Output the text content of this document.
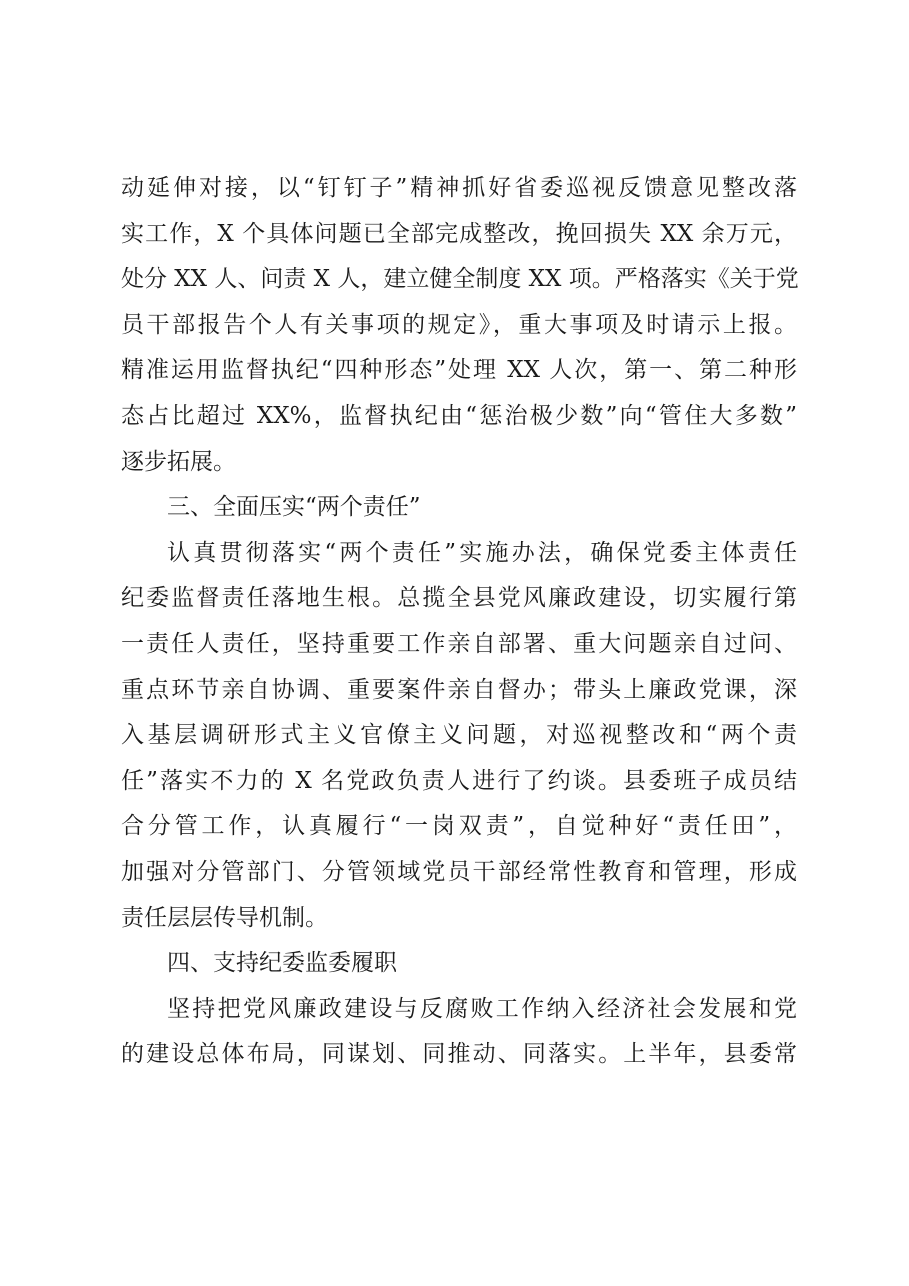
动延伸对接，以“钉钉子”精神抓好省委巡视反馈意见整改落
实工作，X 个具体问题已全部完成整改，挽回损失 XX 余万元，
处分 XX 人、问责 X 人，建立健全制度 XX 项。严格落实《关于党
员干部报告个人有关事项的规定》，重大事项及时请示上报。
精准运用监督执纪“四种形态”处理 XX 人次，第一、第二种形
态占比超过 XX%，监督执纪由“惩治极少数”向“管住大多数”
逐步拓展。
三、全面压实“两个责任”
认真贯彻落实“两个责任”实施办法，确保党委主体责任
纪委监督责任落地生根。总揽全县党风廉政建设，切实履行第
一责任人责任，坚持重要工作亲自部署、重大问题亲自过问、
重点环节亲自协调、重要案件亲自督办；带头上廉政党课，深
入基层调研形式主义官僚主义问题，对巡视整改和“两个责
任”落实不力的 X 名党政负责人进行了约谈。县委班子成员结
合分管工作，认真履行“一岗双责”，自觉种好“责任田”，
加强对分管部门、分管领域党员干部经常性教育和管理，形成
责任层层传导机制。
四、支持纪委监委履职
坚持把党风廉政建设与反腐败工作纳入经济社会发展和党
的建设总体布局，同谋划、同推动、同落实。上半年，县委常
